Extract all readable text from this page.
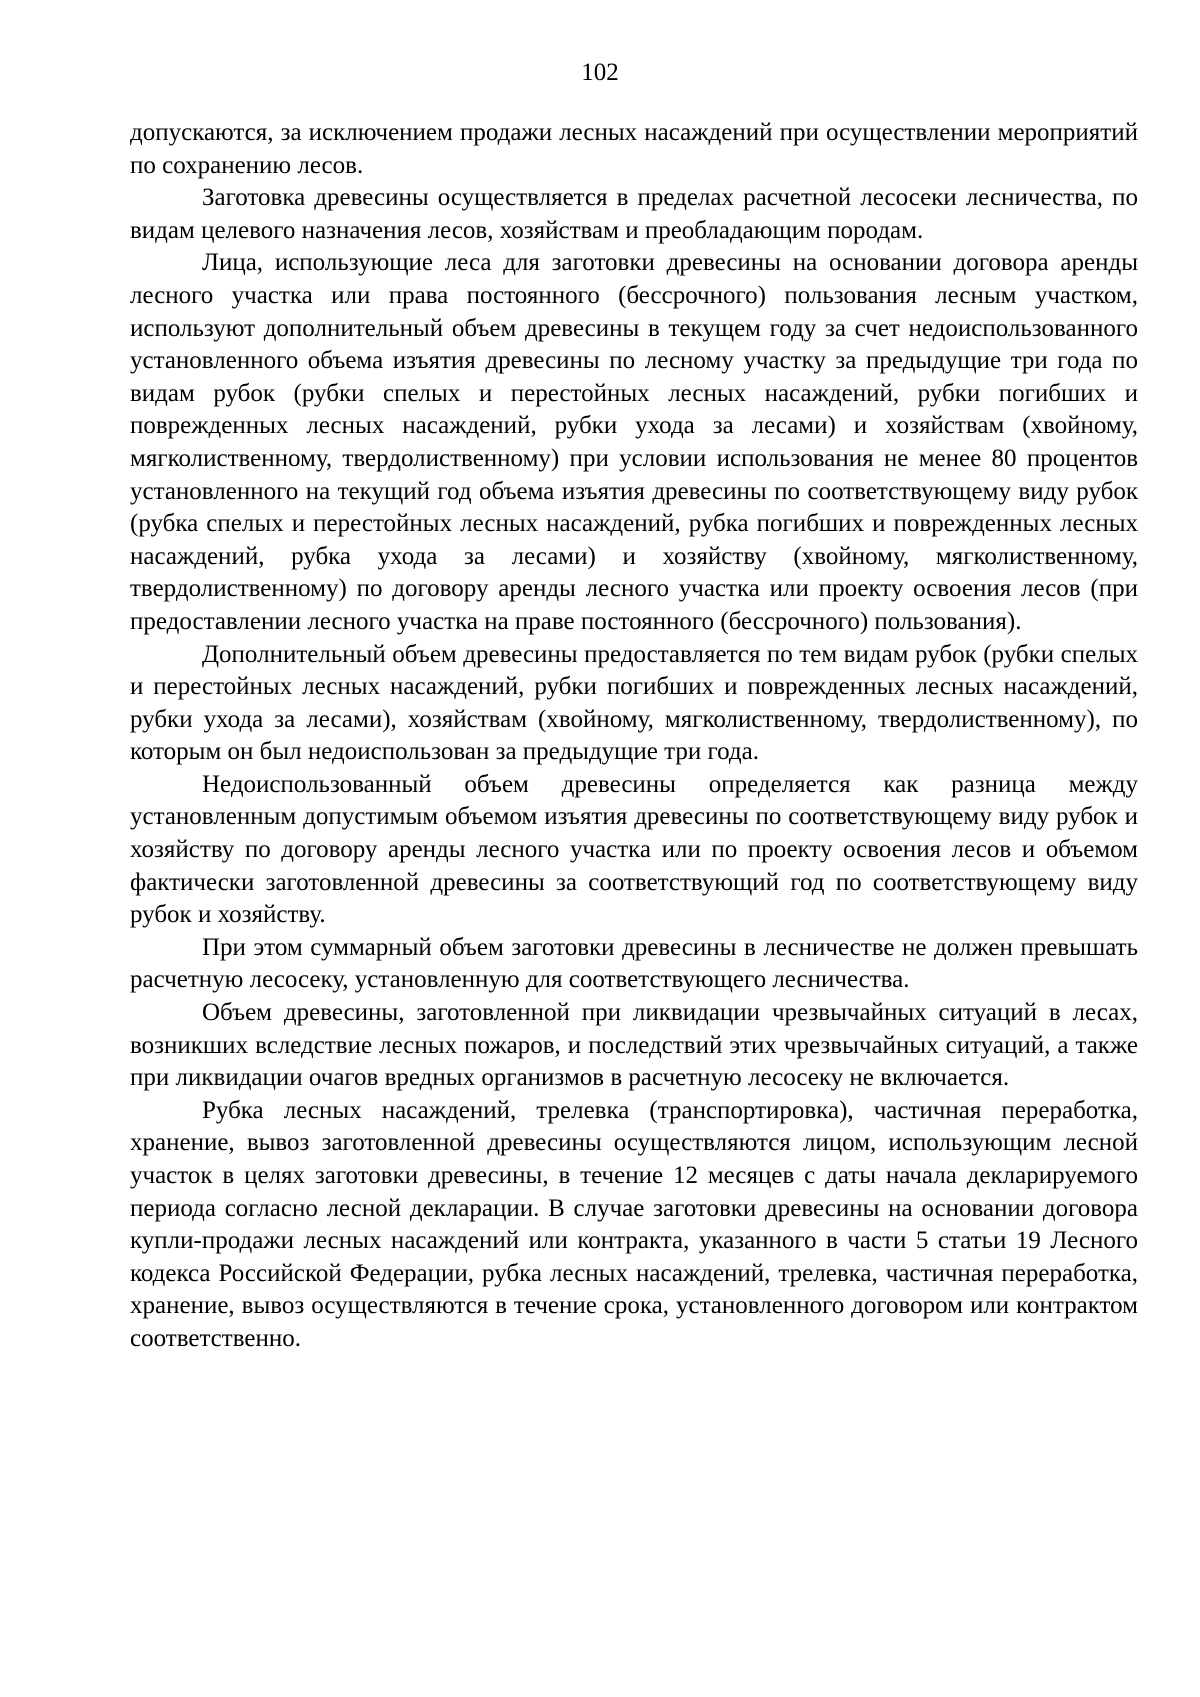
102

допускаются, за исключением продажи лесных насаждений при осуществлении мероприятий по сохранению лесов.

Заготовка древесины осуществляется в пределах расчетной лесосеки лесничества, по видам целевого назначения лесов, хозяйствам и преобладающим породам.

Лица, использующие леса для заготовки древесины на основании договора аренды лесного участка или права постоянного (бессрочного) пользования лесным участком, используют дополнительный объем древесины в текущем году за счет недоиспользованного установленного объема изъятия древесины по лесному участку за предыдущие три года по видам рубок (рубки спелых и перестойных лесных насаждений, рубки погибших и поврежденных лесных насаждений, рубки ухода за лесами) и хозяйствам (хвойному, мягколиственному, твердолиственному) при условии использования не менее 80 процентов установленного на текущий год объема изъятия древесины по соответствующему виду рубок (рубка спелых и перестойных лесных насаждений, рубка погибших и поврежденных лесных насаждений, рубка ухода за лесами) и хозяйству (хвойному, мягколиственному, твердолиственному) по договору аренды лесного участка или проекту освоения лесов (при предоставлении лесного участка на праве постоянного (бессрочного) пользования).

Дополнительный объем древесины предоставляется по тем видам рубок (рубки спелых и перестойных лесных насаждений, рубки погибших и поврежденных лесных насаждений, рубки ухода за лесами), хозяйствам (хвойному, мягколиственному, твердолиственному), по которым он был недоиспользован за предыдущие три года.

Недоиспользованный объем древесины определяется как разница между установленным допустимым объемом изъятия древесины по соответствующему виду рубок и хозяйству по договору аренды лесного участка или по проекту освоения лесов и объемом фактически заготовленной древесины за соответствующий год по соответствующему виду рубок и хозяйству.

При этом суммарный объем заготовки древесины в лесничестве не должен превышать расчетную лесосеку, установленную для соответствующего лесничества.

Объем древесины, заготовленной при ликвидации чрезвычайных ситуаций в лесах, возникших вследствие лесных пожаров, и последствий этих чрезвычайных ситуаций, а также при ликвидации очагов вредных организмов в расчетную лесосеку не включается.

Рубка лесных насаждений, трелевка (транспортировка), частичная переработка, хранение, вывоз заготовленной древесины осуществляются лицом, использующим лесной участок в целях заготовки древесины, в течение 12 месяцев с даты начала декларируемого периода согласно лесной декларации. В случае заготовки древесины на основании договора купли-продажи лесных насаждений или контракта, указанного в части 5 статьи 19 Лесного кодекса Российской Федерации, рубка лесных насаждений, трелевка, частичная переработка, хранение, вывоз осуществляются в течение срока, установленного договором или контрактом соответственно.
